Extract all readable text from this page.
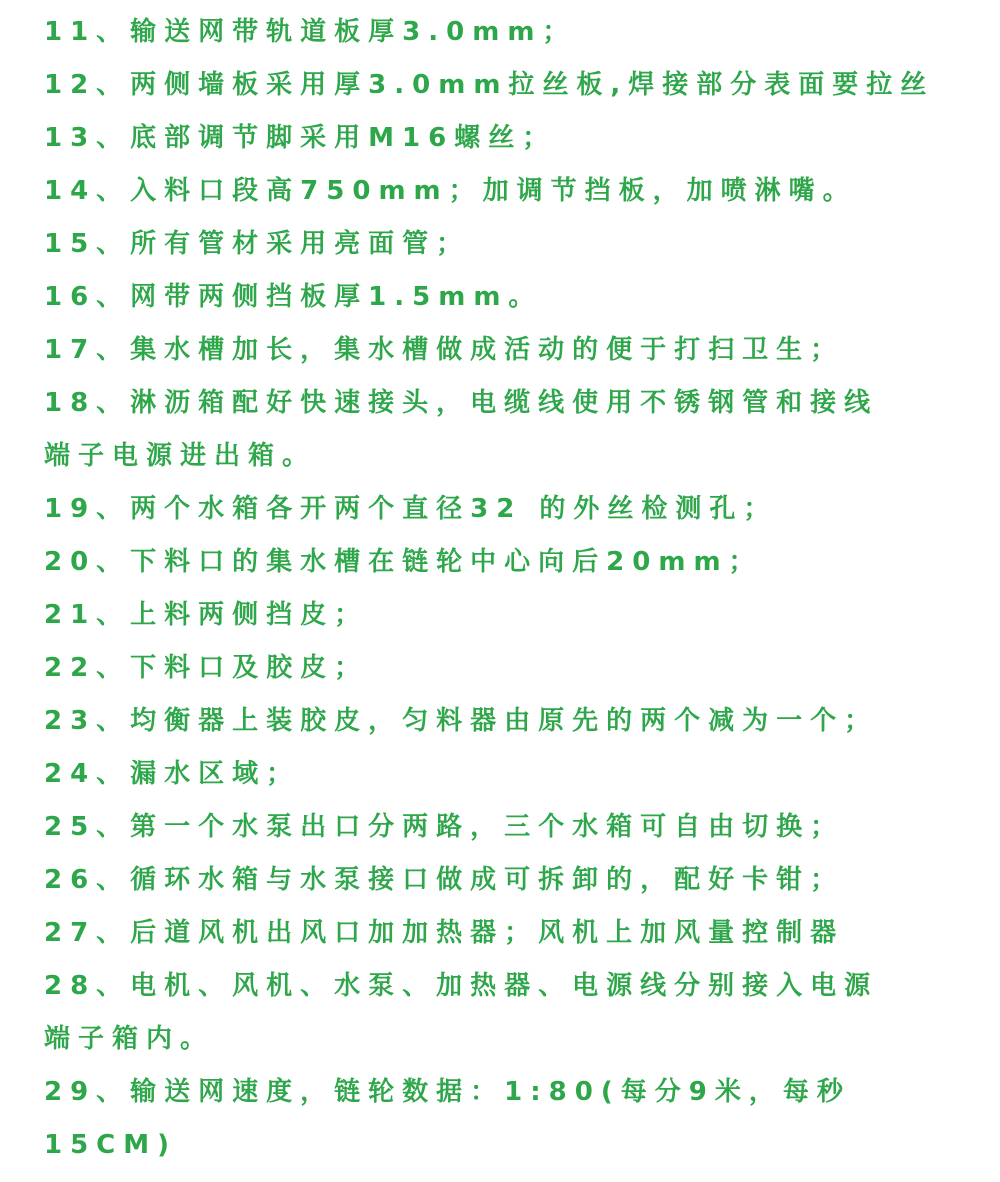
11、输送网带轨道板厚3.0mm；
12、两侧墙板采用厚3.0mm拉丝板,焊接部分表面要拉丝
13、底部调节脚采用M16螺丝；
14、入料口段高750mm；加调节挡板，加喷淋嘴。
15、所有管材采用亮面管；
16、网带两侧挡板厚1.5mm。
17、集水槽加长，集水槽做成活动的便于打扫卫生；
18、淋沥箱配好快速接头，电缆线使用不锈钢管和接线
端子电源进出箱。
19、两个水箱各开两个直径32 的外丝检测孔；
20、下料口的集水槽在链轮中心向后20mm；
21、上料两侧挡皮；
22、下料口及胶皮；
23、均衡器上装胶皮，匀料器由原先的两个减为一个；
24、漏水区域；
25、第一个水泵出口分两路，三个水箱可自由切换；
26、循环水箱与水泵接口做成可拆卸的，配好卡钳；
27、后道风机出风口加加热器；风机上加风量控制器
28、电机、风机、水泵、加热器、电源线分别接入电源
端子箱内。
29、输送网速度，链轮数据：1:80(每分9米，每秒
15CM)
